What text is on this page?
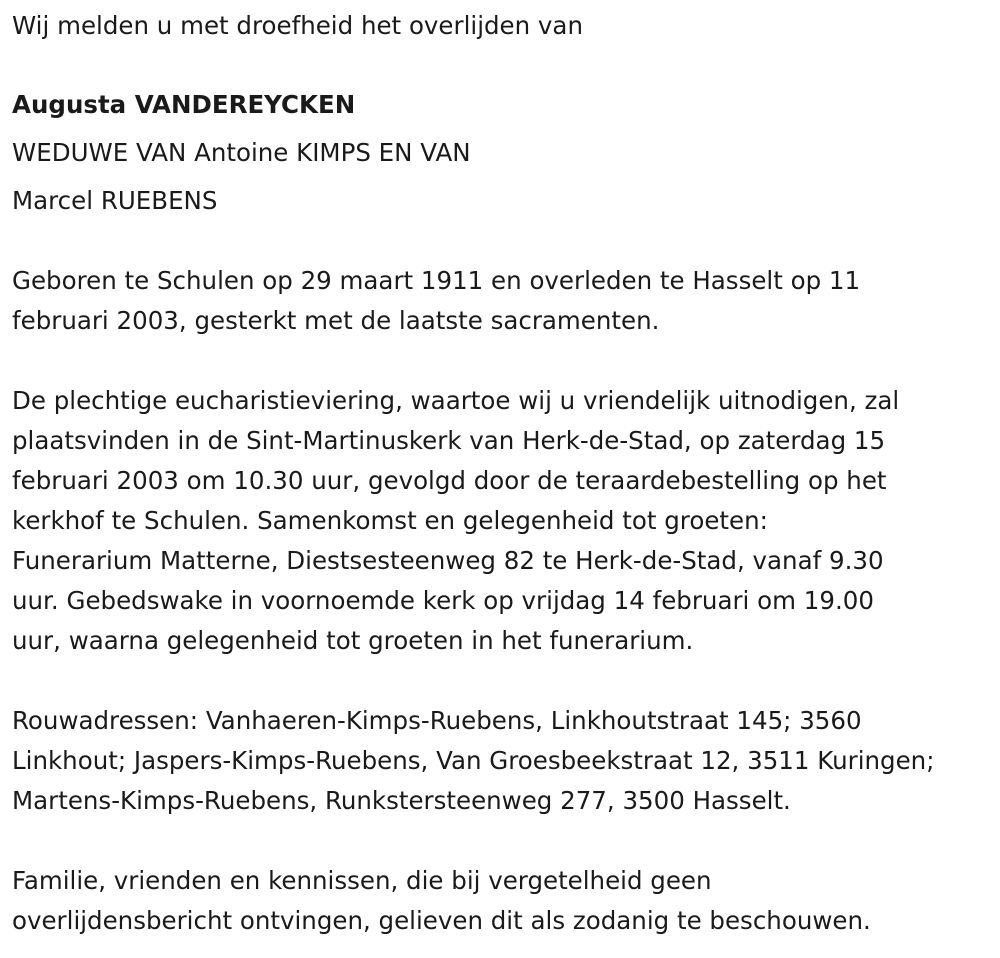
Wij melden u met droefheid het overlijden van
Augusta VANDEREYCKEN
WEDUWE VAN Antoine KIMPS EN VAN
Marcel RUEBENS
Geboren te Schulen op 29 maart 1911 en overleden te Hasselt op 11
februari 2003, gesterkt met de laatste sacramenten.
De plechtige eucharistieviering, waartoe wij u vriendelijk uitnodigen, zal
plaatsvinden in de Sint-Martinuskerk van Herk-de-Stad, op zaterdag 15
februari 2003 om 10.30 uur, gevolgd door de teraardebestelling op het
kerkhof te Schulen. Samenkomst en gelegenheid tot groeten:
Funerarium Matterne, Diestsesteenweg 82 te Herk-de-Stad, vanaf 9.30
uur. Gebedswake in voornoemde kerk op vrijdag 14 februari om 19.00
uur, waarna gelegenheid tot groeten in het funerarium.
Rouwadressen: Vanhaeren-Kimps-Ruebens, Linkhoutstraat 145; 3560
Linkhout; Jaspers-Kimps-Ruebens, Van Groesbeekstraat 12, 3511 Kuringen;
Martens-Kimps-Ruebens, Runkstersteenweg 277, 3500 Hasselt.
Familie, vrienden en kennissen, die bij vergetelheid geen
overlijdensbericht ontvingen, gelieven dit als zodanig te beschouwen.
